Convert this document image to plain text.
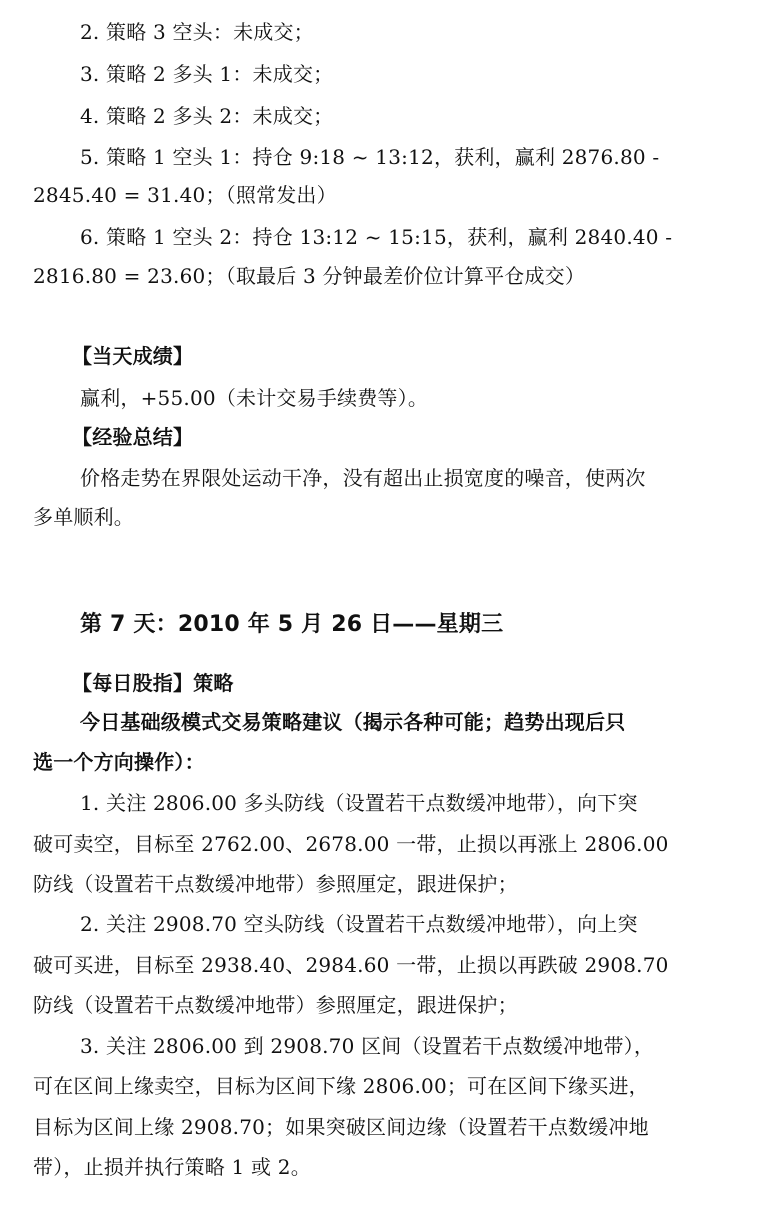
2. 策略 3 空头：未成交；
3. 策略 2 多头 1：未成交；
4. 策略 2 多头 2：未成交；
5. 策略 1 空头 1：持仓 9:18 ~ 13:12，获利，赢利 2876.80 -
2845.40 = 31.40；（照常发出）
6. 策略 1 空头 2：持仓 13:12 ~ 15:15，获利，赢利 2840.40 -
2816.80 = 23.60；（取最后 3 分钟最差价位计算平仓成交）
【当天成绩】
赢利，+55.00（未计交易手续费等）。
【经验总结】
价格走势在界限处运动干净，没有超出止损宽度的噪音，使两次
多单顺利。
第 7 天：2010 年 5 月 26 日——星期三
【每日股指】策略
今日基础级模式交易策略建议（揭示各种可能；趋势出现后只
选一个方向操作）：
1. 关注 2806.00 多头防线（设置若干点数缓冲地带），向下突
破可卖空，目标至 2762.00、2678.00 一带，止损以再涨上 2806.00
防线（设置若干点数缓冲地带）参照厘定，跟进保护；
2. 关注 2908.70 空头防线（设置若干点数缓冲地带），向上突
破可买进，目标至 2938.40、2984.60 一带，止损以再跌破 2908.70
防线（设置若干点数缓冲地带）参照厘定，跟进保护；
3. 关注 2806.00 到 2908.70 区间（设置若干点数缓冲地带），
可在区间上缘卖空，目标为区间下缘 2806.00；可在区间下缘买进，
目标为区间上缘 2908.70；如果突破区间边缘（设置若干点数缓冲地
带），止损并执行策略 1 或 2。
